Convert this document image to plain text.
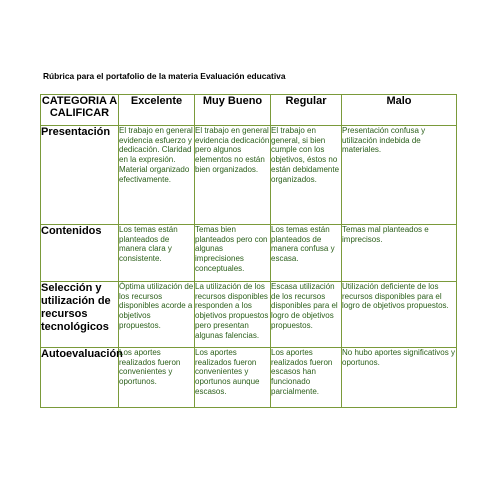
Rúbrica para el portafolio de la materia Evaluación educativa
CATEGORIA A CALIFICAR	Excelente	Muy Bueno	Regular	Malo
Presentación	El trabajo en general evidencia esfuerzo y dedicación. Claridad en la expresión. Material organizado efectivamente.	El trabajo en general evidencia dedicación pero algunos elementos no están bien organizados.	El trabajo en general, si bien cumple con los objetivos, éstos no están debidamente organizados.	Presentación confusa y utilización indebida de materiales.
Contenidos	Los temas están planteados de manera clara y consistente.	Temas bien planteados pero con algunas imprecisiones conceptuales.	Los temas están planteados de manera confusa y escasa.	Temas mal planteados e imprecisos.
Selección y utilización de recursos tecnológicos	Óptima utilización de los recursos disponibles acorde a objetivos propuestos.	La utilización de los recursos disponibles responden a los objetivos propuestos pero presentan algunas falencias.	Escasa utilización de los recursos disponibles para el logro de objetivos propuestos.	Utilización deficiente de los recursos disponibles para el logro de objetivos propuestos.
Autoevaluación	Los aportes realizados fueron convenientes y oportunos.	Los aportes realizados fueron convenientes y oportunos aunque escasos.	Los aportes realizados fueron escasos han funcionado parcialmente.	No hubo aportes significativos y oportunos.
